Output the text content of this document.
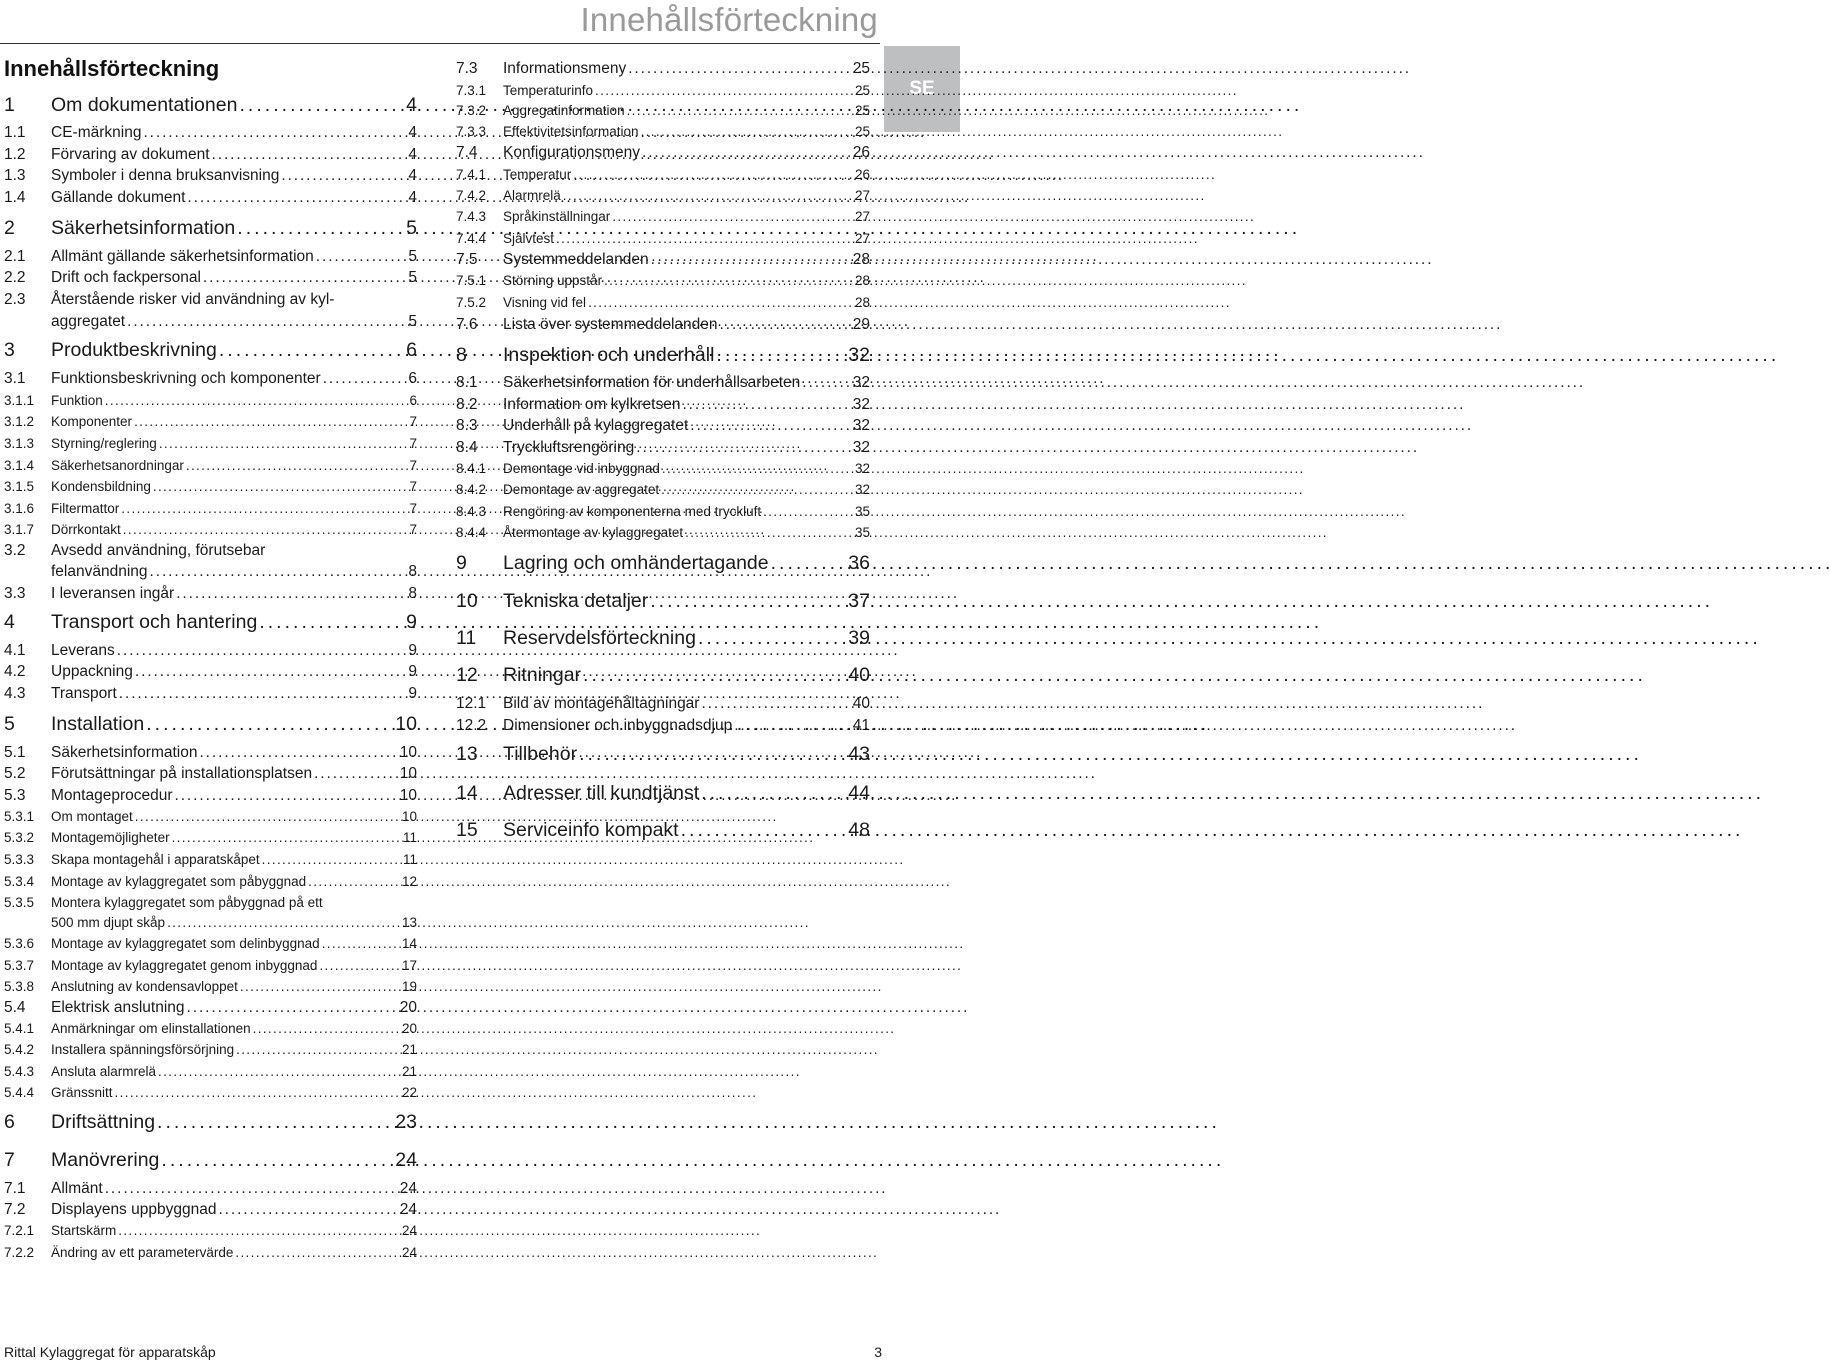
Innehållsförteckning
SE
Innehållsförteckning
1	Om dokumentationen . . .	4
1.1	CE-märkning . . .	4
1.2	Förvaring av dokument . . .	4
1.3	Symboler i denna bruksanvisning . . .	4
1.4	Gällande dokument . . .	4
2	Säkerhetsinformation . . .	5
2.1	Allmänt gällande säkerhetsinformation . . .	5
2.2	Drift och fackpersonal . . .	5
2.3	Återstående risker vid användning av kyl-
aggregatet . . .	5
3	Produktbeskrivning . . .	6
3.1	Funktionsbeskrivning och komponenter . . .	6
3.1.1	Funktion . . .	6
3.1.2	Komponenter . . .	7
3.1.3	Styrning/reglering . . .	7
3.1.4	Säkerhetsanordningar . . .	7
3.1.5	Kondensbildning . . .	7
3.1.6	Filtermattor . . .	7
3.1.7	Dörrkontakt . . .	7
3.2	Avsedd användning, förutsebar
felanvändning . . .	8
3.3	I leveransen ingår . . .	8
4	Transport och hantering . . .	9
4.1	Leverans . . .	9
4.2	Uppackning . . .	9
4.3	Transport . . .	9
5	Installation . . .	10
5.1	Säkerhetsinformation . . .	10
5.2	Förutsättningar på installationsplatsen . . .	10
5.3	Montageprocedur . . .	10
5.3.1	Om montaget . . .	10
5.3.2	Montagemöjligheter . . .	11
5.3.3	Skapa montagehål i apparatskåpet . . .	11
5.3.4	Montage av kylaggregatet som påbyggnad . . .	12
5.3.5	Montera kylaggregatet som påbyggnad på ett
500 mm djupt skåp . . .	13
5.3.6	Montage av kylaggregatet som delinbyggnad . . .	14
5.3.7	Montage av kylaggregatet genom inbyggnad . . .	17
5.3.8	Anslutning av kondensavloppet . . .	19
5.4	Elektrisk anslutning . . .	20
5.4.1	Anmärkningar om elinstallationen . . .	20
5.4.2	Installera spänningsförsörjning . . .	21
5.4.3	Ansluta alarmrelä . . .	21
5.4.4	Gränssnitt . . .	22
6	Driftsättning . . .	23
7	Manövrering . . .	24
7.1	Allmänt . . .	24
7.2	Displayens uppbyggnad . . .	24
7.2.1	Startskärm . . .	24
7.2.2	Ändring av ett parametervärde . . .	24
7.3	Informationsmeny . . .	25
7.3.1	Temperaturinfo . . .	25
7.3.2	Aggregatinformation . . .	25
7.3.3	Effektivitetsinformation . . .	25
7.4	Konfigurationsmeny . . .	26
7.4.1	Temperatur . . .	26
7.4.2	Alarmrelä . . .	27
7.4.3	Språkinställningar . . .	27
7.4.4	Självtest . . .	27
7.5	Systemmeddelanden . . .	28
7.5.1	Störning uppstår . . .	28
7.5.2	Visning vid fel . . .	28
7.6	Lista över systemmeddelanden . . .	29
8	Inspektion och underhåll . . .	32
8.1	Säkerhetsinformation för underhållsarbeten . . .	32
8.2	Information om kylkretsen . . .	32
8.3	Underhåll på kylaggregatet . . .	32
8.4	Tryckluftsrengöring . . .	32
8.4.1	Demontage vid inbyggnad . . .	32
8.4.2	Demontage av aggregatet . . .	32
8.4.3	Rengöring av komponenterna med tryckluft . . .	35
8.4.4	Återmontage av kylaggregatet . . .	35
9	Lagring och omhändertagande . . .	36
10	Tekniska detaljer . . .	37
11	Reservdelsförteckning . . .	39
12	Ritningar . . .	40
12.1	Bild av montagehåltagningar . . .	40
12.2	Dimensioner och inbyggnadsdjup . . .	41
13	Tillbehör . . .	43
14	Adresser till kundtjänst . . .	44
15	Serviceinfo kompakt . . .	48
Rittal Kylaggregat för apparatskåp	3
